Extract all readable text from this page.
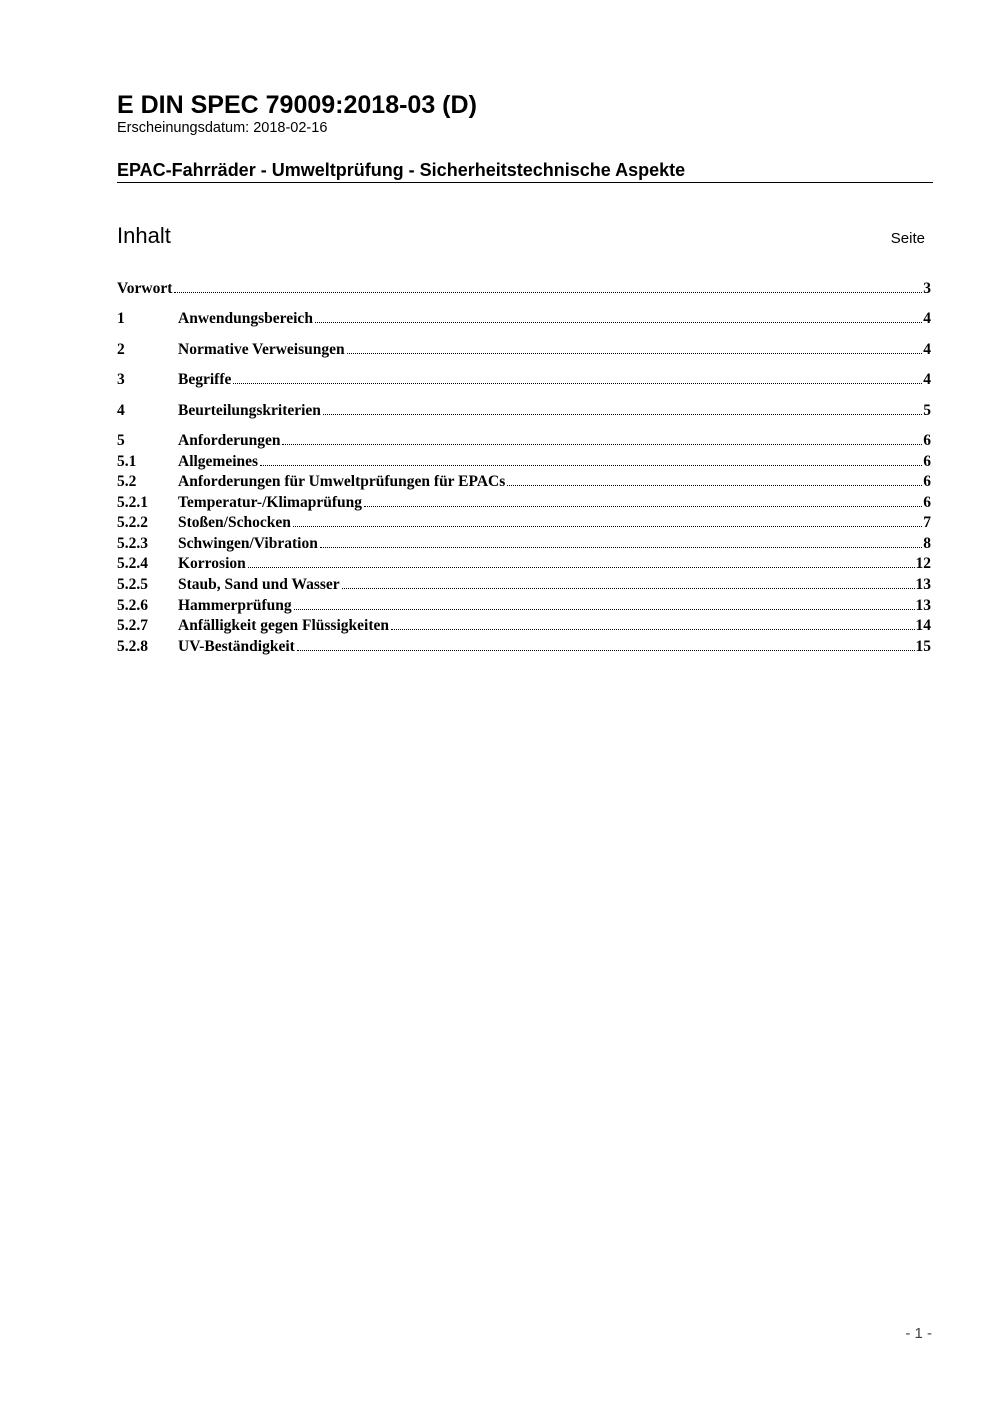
E DIN SPEC 79009:2018-03 (D)
Erscheinungsdatum: 2018-02-16
EPAC-Fahrräder - Umweltprüfung - Sicherheitstechnische Aspekte
Inhalt	Seite
Vorwort	3
1	Anwendungsbereich	4
2	Normative Verweisungen	4
3	Begriffe	4
4	Beurteilungskriterien	5
5	Anforderungen	6
5.1	Allgemeines	6
5.2	Anforderungen für Umweltprüfungen für EPACs	6
5.2.1	Temperatur-/Klimaprüfung	6
5.2.2	Stoßen/Schocken	7
5.2.3	Schwingen/Vibration	8
5.2.4	Korrosion	12
5.2.5	Staub, Sand und Wasser	13
5.2.6	Hammerprüfung	13
5.2.7	Anfälligkeit gegen Flüssigkeiten	14
5.2.8	UV-Beständigkeit	15
- 1 -
